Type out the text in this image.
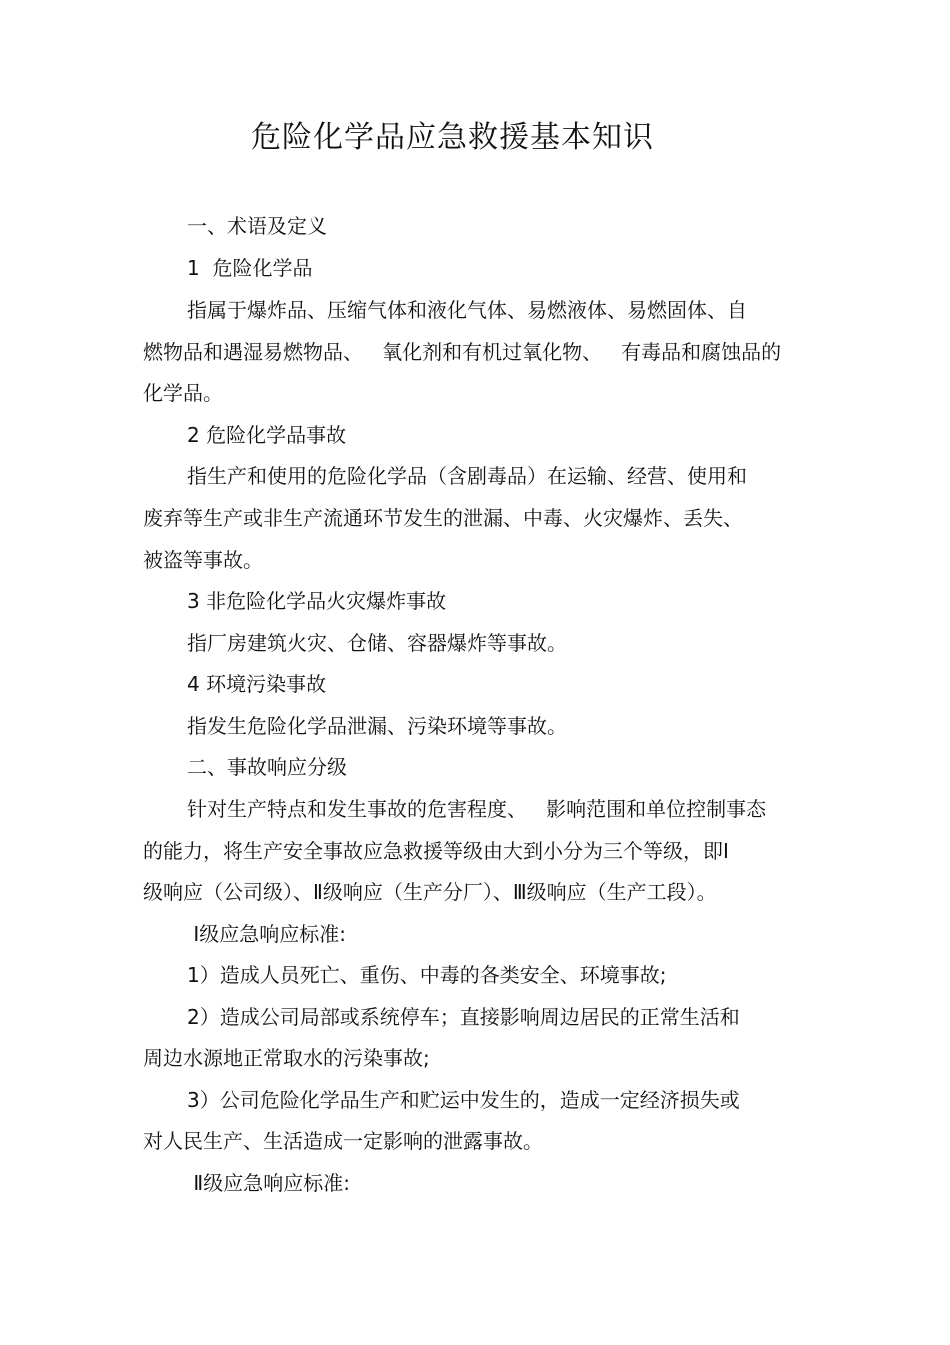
危险化学品应急救援基本知识
一、术语及定义
1  危险化学品
指属于爆炸品、压缩气体和液化气体、易燃液体、易燃固体、自
燃物品和遇湿易燃物品、   氧化剂和有机过氧化物、   有毒品和腐蚀品的
化学品。
2 危险化学品事故
指生产和使用的危险化学品（含剧毒品）在运输、经营、使用和
废弃等生产或非生产流通环节发生的泄漏、中毒、火灾爆炸、丢失、
被盗等事故。
3 非危险化学品火灾爆炸事故
指厂房建筑火灾、仓储、容器爆炸等事故。
4 环境污染事故
指发生危险化学品泄漏、污染环境等事故。
二、事故响应分级
针对生产特点和发生事故的危害程度、   影响范围和单位控制事态
的能力，将生产安全事故应急救援等级由大到小分为三个等级，即Ⅰ
级响应（公司级）、Ⅱ级响应（生产分厂）、Ⅲ级响应（生产工段）。
Ⅰ级应急响应标准:
1）造成人员死亡、重伤、中毒的各类安全、环境事故;
2）造成公司局部或系统停车；直接影响周边居民的正常生活和
周边水源地正常取水的污染事故;
3）公司危险化学品生产和贮运中发生的，造成一定经济损失或
对人民生产、生活造成一定影响的泄露事故。
Ⅱ级应急响应标准:
